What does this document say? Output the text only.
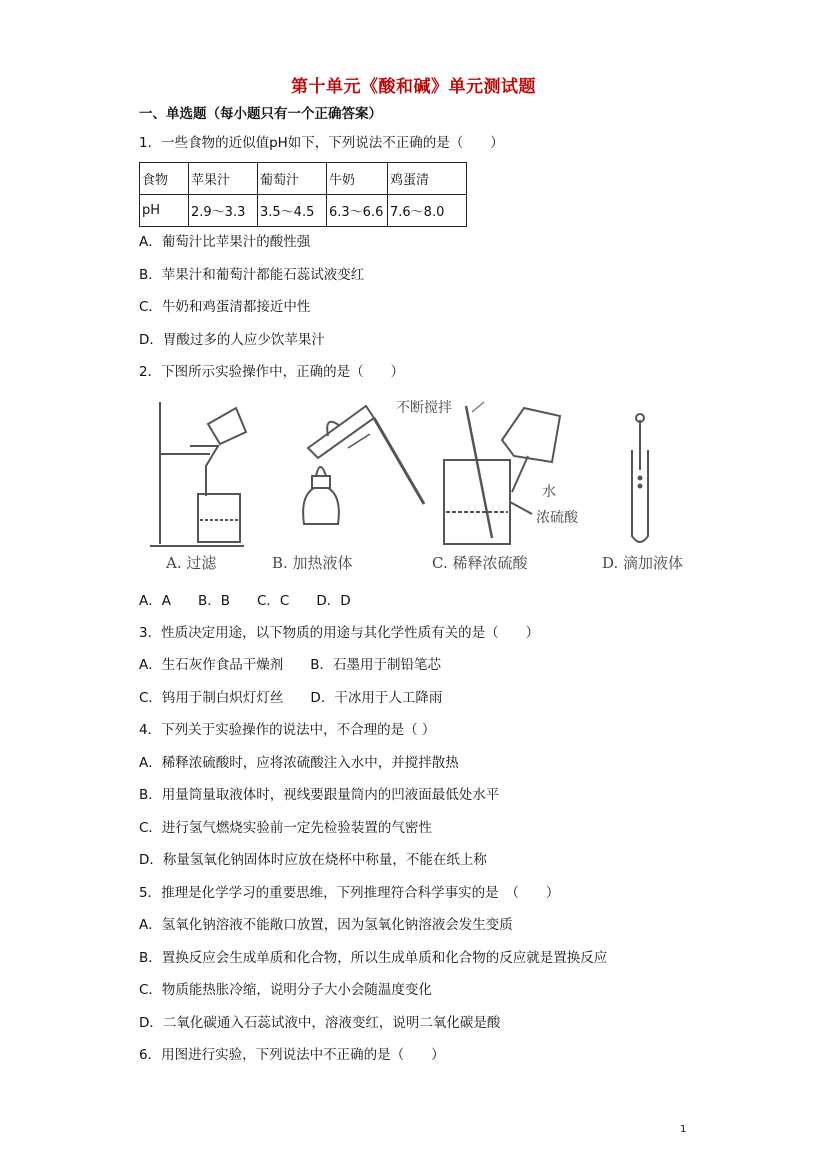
第十单元《酸和碱》单元测试题
一、单选题（每小题只有一个正确答案）
1．一些食物的近似值pH如下，下列说法不正确的是（　　）
食物	苹果汁	葡萄汁	牛奶	鸡蛋清
pH	2.9～3.3	3.5～4.5	6.3～6.6	7.6～8.0
A．葡萄汁比苹果汁的酸性强
B．苹果汁和葡萄汁都能石蕊试液变红
C．牛奶和鸡蛋清都接近中性
D．胃酸过多的人应少饮苹果汁
2．下图所示实验操作中，正确的是（　　）
不断搅拌
水
浓硫酸
A. 过滤	B. 加热液体	C. 稀释浓硫酸	D. 滴加液体
A．A　　B．B　　C．C　　D．D
3．性质决定用途，以下物质的用途与其化学性质有关的是（　　）
A．生石灰作食品干燥剂　　B．石墨用于制铅笔芯
C．钨用于制白炽灯灯丝　　D．干冰用于人工降雨
4．下列关于实验操作的说法中，不合理的是（ ）
A．稀释浓硫酸时，应将浓硫酸注入水中，并搅拌散热
B．用量筒量取液体时，视线要跟量筒内的凹液面最低处水平
C．进行氢气燃烧实验前一定先检验装置的气密性
D．称量氢氧化钠固体时应放在烧杯中称量，不能在纸上称
5．推理是化学学习的重要思维，下列推理符合科学事实的是　（　　）
A．氢氧化钠溶液不能敞口放置，因为氢氧化钠溶液会发生变质
B．置换反应会生成单质和化合物，所以生成单质和化合物的反应就是置换反应
C．物质能热胀冷缩，说明分子大小会随温度变化
D．二氧化碳通入石蕊试液中，溶液变红，说明二氧化碳是酸
6．用图进行实验，下列说法中不正确的是（　　）
1
